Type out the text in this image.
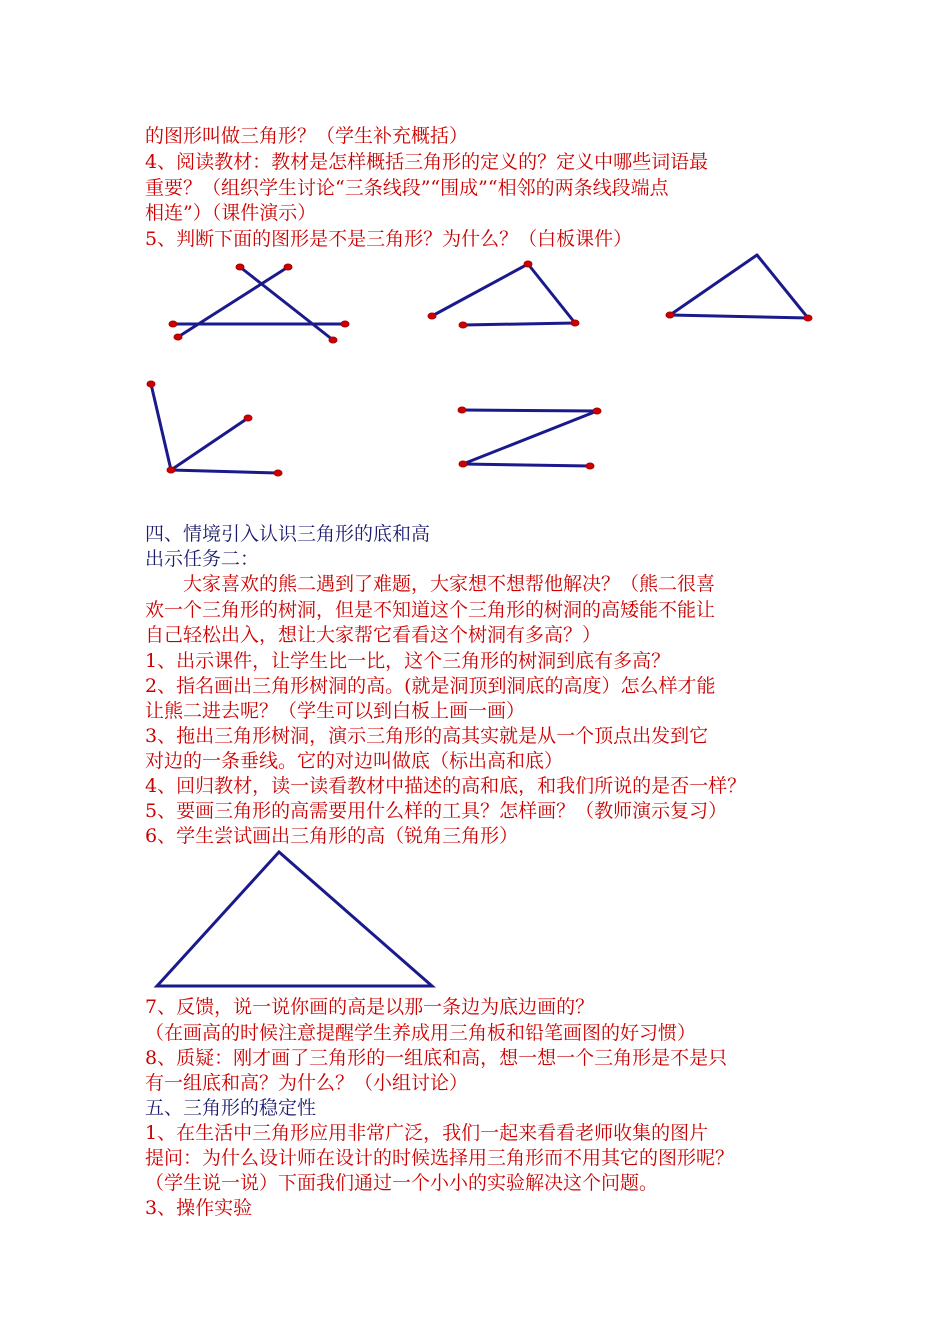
的图形叫做三角形？（学生补充概括）
4、阅读教材：教材是怎样概括三角形的定义的？定义中哪些词语最
重要？（组织学生讨论“三条线段”“围成”“相邻的两条线段端点
相连”）（课件演示）
5、判断下面的图形是不是三角形？为什么？（白板课件）
四、情境引入认识三角形的底和高
出示任务二：
　　大家喜欢的熊二遇到了难题，大家想不想帮他解决？（熊二很喜
欢一个三角形的树洞，但是不知道这个三角形的树洞的高矮能不能让
自己轻松出入，想让大家帮它看看这个树洞有多高？）
1、出示课件，让学生比一比，这个三角形的树洞到底有多高？
2、指名画出三角形树洞的高。(就是洞顶到洞底的高度）怎么样才能
让熊二进去呢？（学生可以到白板上画一画）
3、拖出三角形树洞，演示三角形的高其实就是从一个顶点出发到它
对边的一条垂线。它的对边叫做底（标出高和底）
4、回归教材，读一读看教材中描述的高和底，和我们所说的是否一样？
5、要画三角形的高需要用什么样的工具？怎样画？（教师演示复习）
6、学生尝试画出三角形的高（锐角三角形）
7、反馈，说一说你画的高是以那一条边为底边画的？
（在画高的时候注意提醒学生养成用三角板和铅笔画图的好习惯）
8、质疑：刚才画了三角形的一组底和高，想一想一个三角形是不是只
有一组底和高？为什么？（小组讨论）
五、三角形的稳定性
1、在生活中三角形应用非常广泛，我们一起来看看老师收集的图片
提问：为什么设计师在设计的时候选择用三角形而不用其它的图形呢？
（学生说一说）下面我们通过一个小小的实验解决这个问题。
3、操作实验
